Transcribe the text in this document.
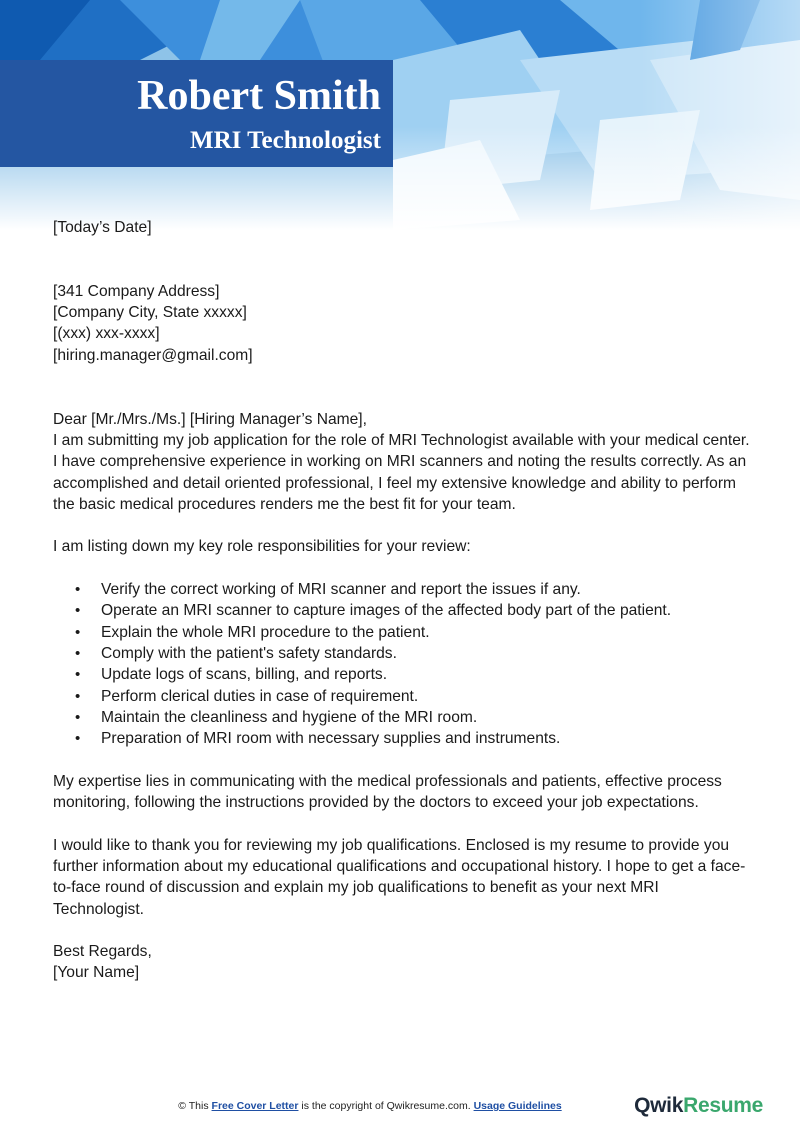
Robert Smith
MRI Technologist

[Today’s Date]

[341 Company Address]

[Company City, State xxxxx]

[(xxx) xxx-xxxx]

[hiring.manager@gmail.com]

Dear [Mr./Mrs./Ms.] [Hiring Manager’s Name],

I am submitting my job application for the role of MRI Technologist available with your medical center. I have comprehensive experience in working on MRI scanners and noting the results correctly. As an accomplished and detail oriented professional, I feel my extensive knowledge and ability to perform the basic medical procedures renders me the best fit for your team.

I am listing down my key role responsibilities for your review:

• Verify the correct working of MRI scanner and report the issues if any.
• Operate an MRI scanner to capture images of the affected body part of the patient.
• Explain the whole MRI procedure to the patient.
• Comply with the patient's safety standards.
• Update logs of scans, billing, and reports.
• Perform clerical duties in case of requirement.
• Maintain the cleanliness and hygiene of the MRI room.
• Preparation of MRI room with necessary supplies and instruments.

My expertise lies in communicating with the medical professionals and patients, effective process monitoring, following the instructions provided by the doctors to exceed your job expectations.

I would like to thank you for reviewing my job qualifications. Enclosed is my resume to provide you further information about my educational qualifications and occupational history. I hope to get a face-to-face round of discussion and explain my job qualifications to benefit as your next MRI Technologist.

Best Regards,

[Your Name]

© This Free Cover Letter is the copyright of Qwikresume.com. Usage Guidelines	QwikResume
